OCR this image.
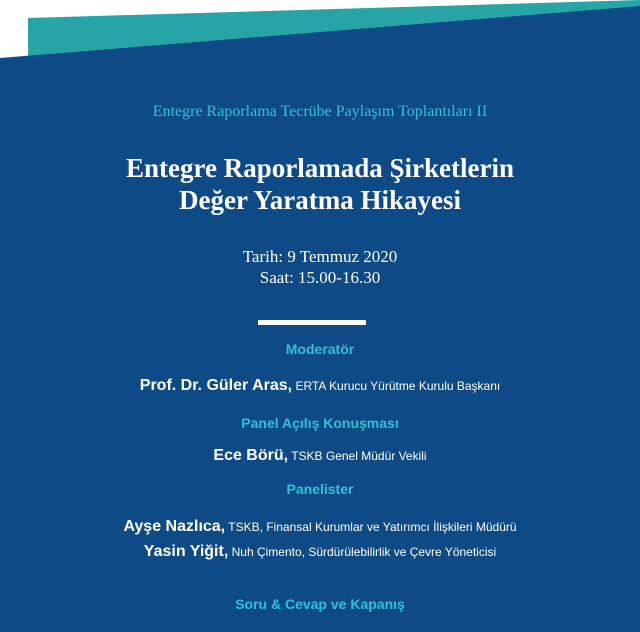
Entegre Raporlama Tecrübe Paylaşım Toplantıları II
Entegre Raporlamada Şirketlerin
Değer Yaratma Hikayesi
Tarih: 9 Temmuz 2020
Saat: 15.00-16.30
Moderatör
Prof. Dr. Güler Aras, ERTA Kurucu Yürütme Kurulu Başkanı
Panel Açılış Konuşması
Ece Börü, TSKB Genel Müdür Vekili
Panelister
Ayşe Nazlıca, TSKB, Finansal Kurumlar ve Yatırımcı İlişkileri Müdürü
Yasin Yiğit, Nuh Çimento, Sürdürülebilirlik ve Çevre Yöneticisi
Soru & Cevap ve Kapanış
